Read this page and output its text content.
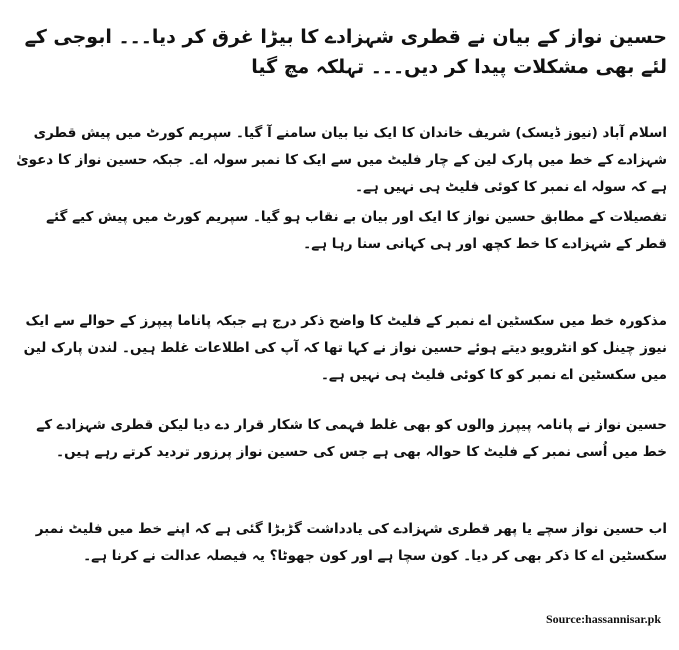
حسین نواز کے بیان نے قطری شہزادے کا بیڑا غرق کر دیا۔۔۔ ابوجی کے لئے بھی مشکلات پیدا کر دیں۔۔۔ تہلکہ مچ گیا

اسلام آباد (نیوز ڈیسک) شریف خاندان کا ایک نیا بیان سامنے آ گیا۔ سپریم کورٹ میں پیش قطری شہزادے کے خط میں پارک لین کے چار فلیٹ میں سے ایک کا نمبر سولہ اے۔ جبکہ حسین نواز کا دعویٰ ہے کہ سولہ اے نمبر کا کوئی فلیٹ ہی نہیں ہے۔

تفصیلات کے مطابق حسین نواز کا ایک اور بیان بے نقاب ہو گیا۔ سپریم کورٹ میں پیش کیے گئے قطر کے شہزادے کا خط کچھ اور ہی کہانی سنا رہا ہے۔

مذکورہ خط میں سکسٹین اے نمبر کے فلیٹ کا واضح ذکر درج ہے جبکہ پاناما پیپرز کے حوالے سے ایک نیوز چینل کو انٹرویو دیتے ہوئے حسین نواز نے کہا تھا کہ آپ کی اطلاعات غلط ہیں۔ لندن پارک لین میں سکسٹین اے نمبر کو کا کوئی فلیٹ ہی نہیں ہے۔

حسین نواز نے پانامہ پیپرز والوں کو بھی غلط فہمی کا شکار قرار دے دیا لیکن قطری شہزادے کے خط میں اُسی نمبر کے فلیٹ کا حوالہ بھی ہے جس کی حسین نواز پرزور تردید کرتے رہے ہیں۔

اب حسین نواز سچے یا پھر قطری شہزادے کی یادداشت گڑبڑا گئی ہے کہ اپنے خط میں فلیٹ نمبر سکسٹین اے کا ذکر بھی کر دیا۔ کون سچا ہے اور کون جھوٹا؟ یہ فیصلہ عدالت نے کرنا ہے۔

Source:hassannisar.pk
